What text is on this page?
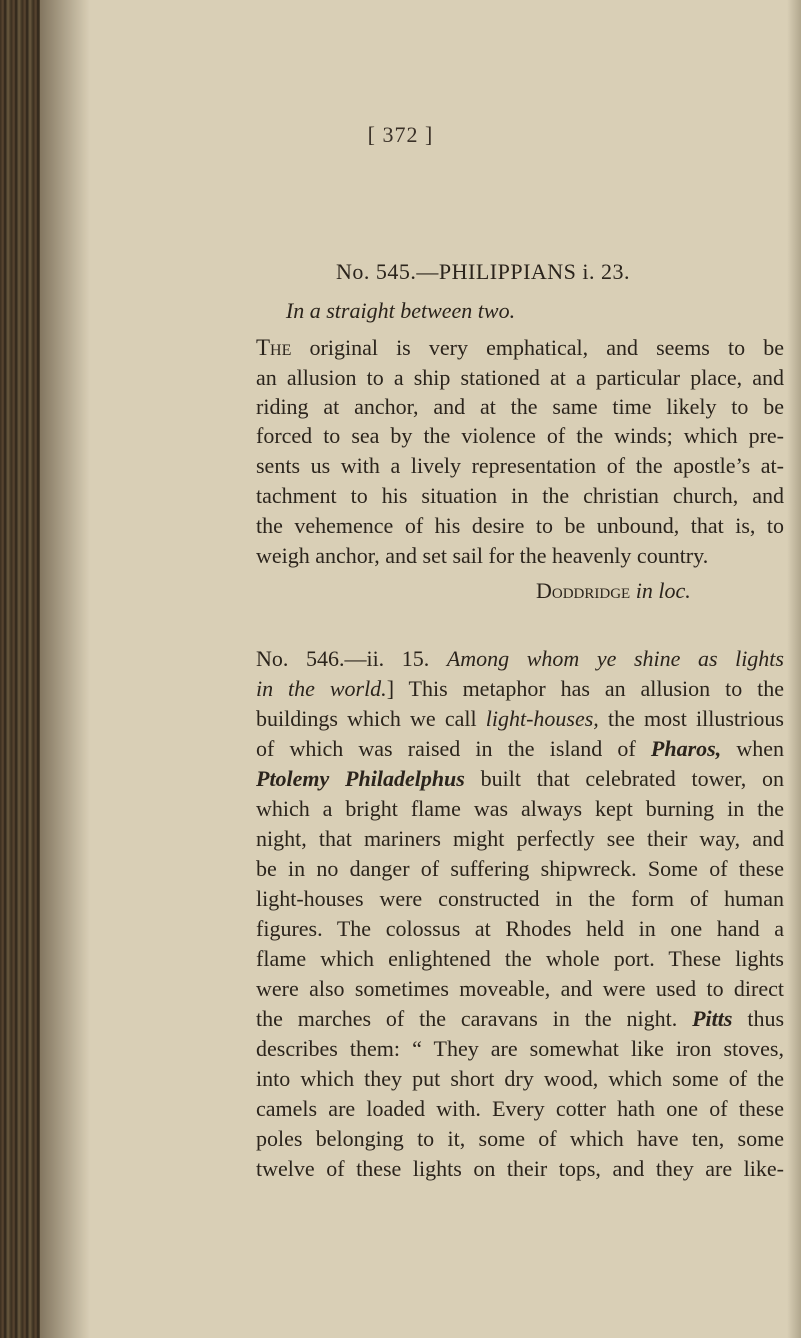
[ 372 ]
No. 545.—PHILIPPIANS i. 23.
In a straight between two.
The original is very emphatical, and seems to be
an allusion to a ship stationed at a particular place, and
riding at anchor, and at the same time likely to be
forced to sea by the violence of the winds; which pre-
sents us with a lively representation of the apostle’s at-
tachment to his situation in the christian church, and
the vehemence of his desire to be unbound, that is, to
weigh anchor, and set sail for the heavenly country.
Doddridge in loc.
No. 546.—ii. 15. Among whom ye shine as lights
in the world.] This metaphor has an allusion to the
buildings which we call light-houses, the most illustrious
of which was raised in the island of Pharos, when
Ptolemy Philadelphus built that celebrated tower, on
which a bright flame was always kept burning in the
night, that mariners might perfectly see their way, and
be in no danger of suffering shipwreck. Some of these
light-houses were constructed in the form of human
figures. The colossus at Rhodes held in one hand a
flame which enlightened the whole port. These lights
were also sometimes moveable, and were used to direct
the marches of the caravans in the night. Pitts thus
describes them: “ They are somewhat like iron stoves,
into which they put short dry wood, which some of the
camels are loaded with. Every cotter hath one of these
poles belonging to it, some of which have ten, some
twelve of these lights on their tops, and they are like-
